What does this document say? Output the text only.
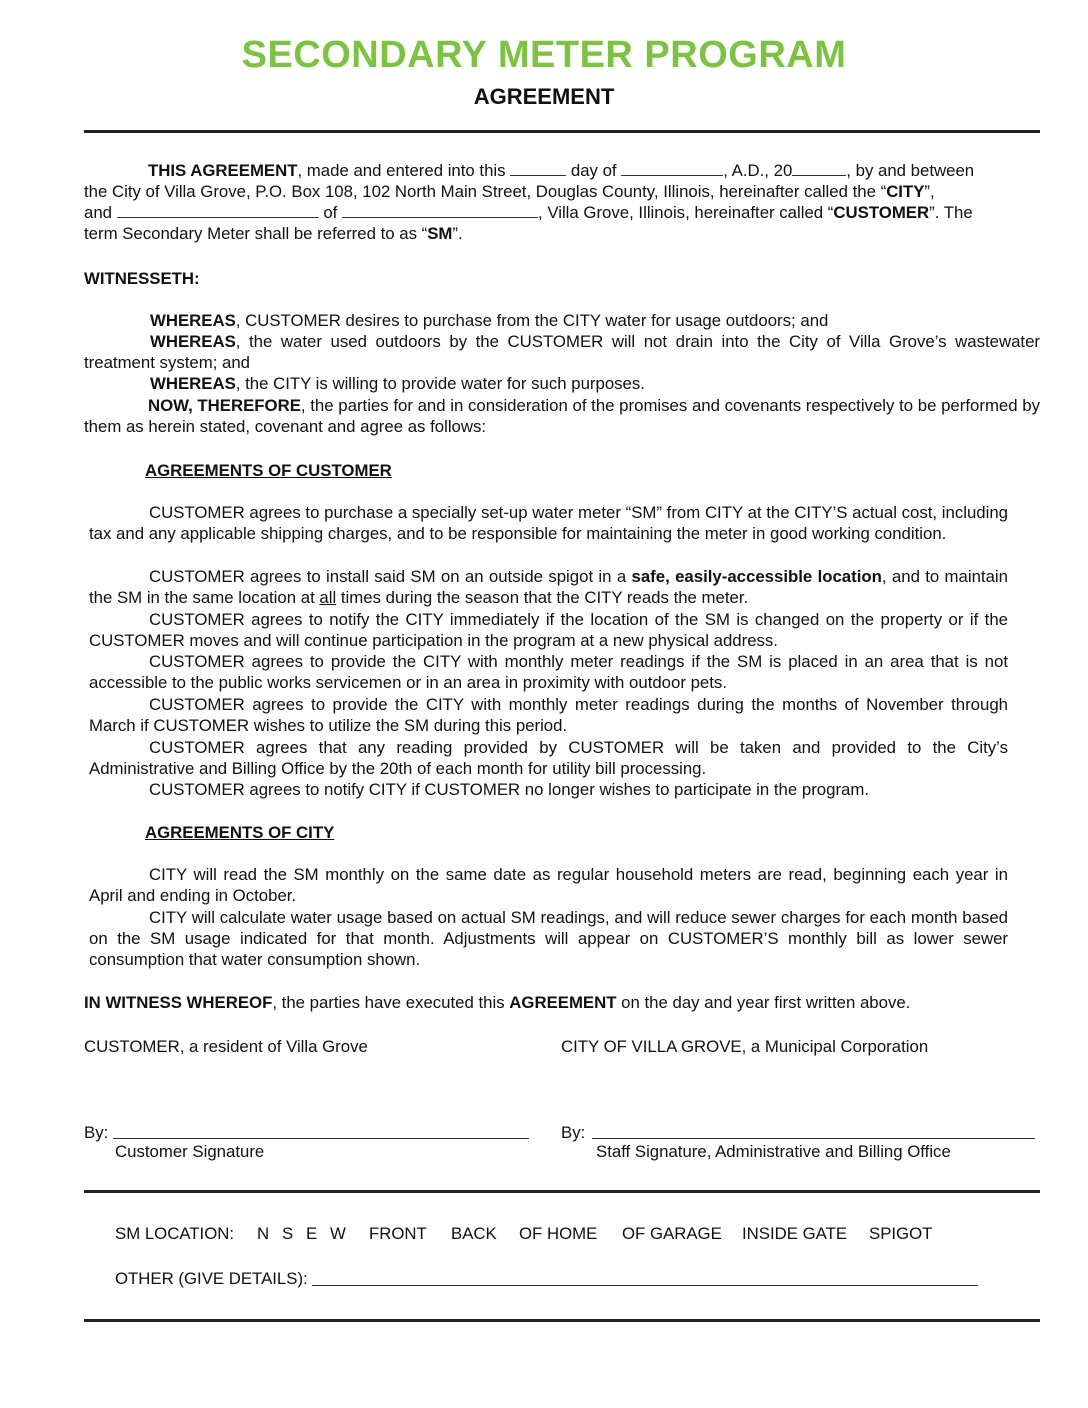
SECONDARY METER PROGRAM
AGREEMENT
THIS AGREEMENT, made and entered into this	day of	, A.D., 20	, by and between
the City of Villa Grove, P.O. Box 108, 102 North Main Street, Douglas County, Illinois, hereinafter called the “CITY”,
and	of	, Villa Grove, Illinois, hereinafter called “CUSTOMER”. The
term Secondary Meter shall be referred to as “SM”.
WITNESSETH:
WHEREAS, CUSTOMER desires to purchase from the CITY water for usage outdoors; and
WHEREAS, the water used outdoors by the CUSTOMER will not drain into the City of Villa Grove’s wastewater treatment system; and
WHEREAS, the CITY is willing to provide water for such purposes.
NOW, THEREFORE, the parties for and in consideration of the promises and covenants respectively to be performed by them as herein stated, covenant and agree as follows:
AGREEMENTS OF CUSTOMER
CUSTOMER agrees to purchase a specially set-up water meter “SM” from CITY at the CITY’S actual cost, including tax and any applicable shipping charges, and to be responsible for maintaining the meter in good working condition.
CUSTOMER agrees to install said SM on an outside spigot in a safe, easily-accessible location, and to maintain the SM in the same location at all times during the season that the CITY reads the meter.
CUSTOMER agrees to notify the CITY immediately if the location of the SM is changed on the property or if the CUSTOMER moves and will continue participation in the program at a new physical address.
CUSTOMER agrees to provide the CITY with monthly meter readings if the SM is placed in an area that is not accessible to the public works servicemen or in an area in proximity with outdoor pets.
CUSTOMER agrees to provide the CITY with monthly meter readings during the months of November through March if CUSTOMER wishes to utilize the SM during this period.
CUSTOMER agrees that any reading provided by CUSTOMER will be taken and provided to the City’s Administrative and Billing Office by the 20th of each month for utility bill processing.
CUSTOMER agrees to notify CITY if CUSTOMER no longer wishes to participate in the program.
AGREEMENTS OF CITY
CITY will read the SM monthly on the same date as regular household meters are read, beginning each year in April and ending in October.
CITY will calculate water usage based on actual SM readings, and will reduce sewer charges for each month based on the SM usage indicated for that month. Adjustments will appear on CUSTOMER’S monthly bill as lower sewer consumption that water consumption shown.
IN WITNESS WHEREOF, the parties have executed this AGREEMENT on the day and year first written above.
CUSTOMER, a resident of Villa Grove	CITY OF VILLA GROVE, a Municipal Corporation
By:
Customer Signature
By:
Staff Signature, Administrative and Billing Office
SM LOCATION: N S E W FRONT BACK OF HOME OF GARAGE INSIDE GATE SPIGOT
OTHER (GIVE DETAILS):
